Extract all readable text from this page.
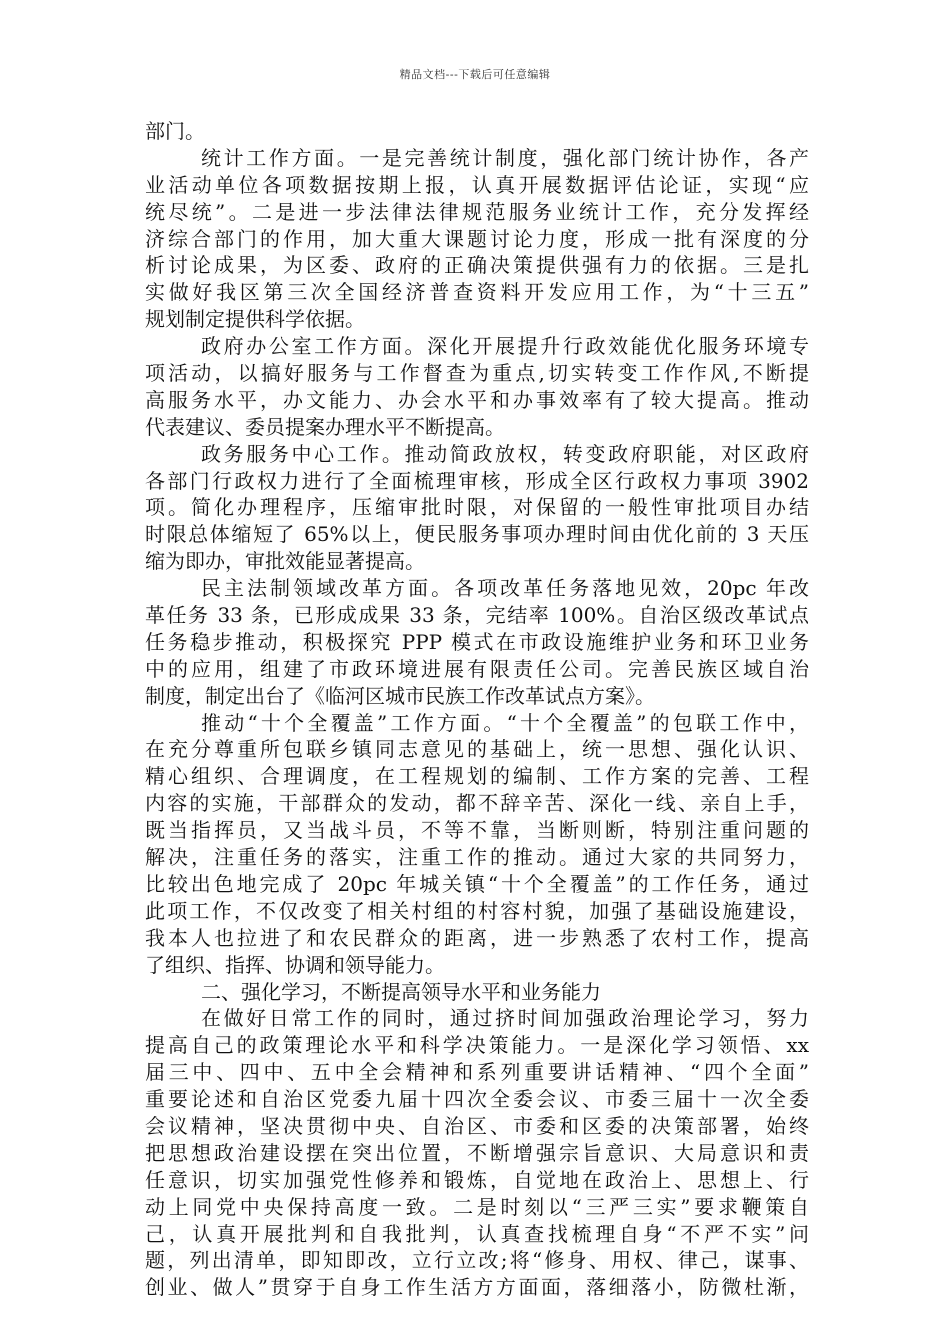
精品文档---下载后可任意编辑
部门。
统计工作方面。一是完善统计制度，强化部门统计协作，各产
业活动单位各项数据按期上报，认真开展数据评估论证，实现“应
统尽统”。二是进一步法律法律规范服务业统计工作，充分发挥经
济综合部门的作用，加大重大课题讨论力度，形成一批有深度的分
析讨论成果，为区委、政府的正确决策提供强有力的依据。三是扎
实做好我区第三次全国经济普查资料开发应用工作，为“十三五”
规划制定提供科学依据。
政府办公室工作方面。深化开展提升行政效能优化服务环境专
项活动，以搞好服务与工作督查为重点,切实转变工作作风,不断提
高服务水平，办文能力、办会水平和办事效率有了较大提高。推动
代表建议、委员提案办理水平不断提高。
政务服务中心工作。推动简政放权，转变政府职能，对区政府
各部门行政权力进行了全面梳理审核，形成全区行政权力事项 3902
项。简化办理程序，压缩审批时限，对保留的一般性审批项目办结
时限总体缩短了 65%以上，便民服务事项办理时间由优化前的 3 天压
缩为即办，审批效能显著提高。
民主法制领域改革方面。各项改革任务落地见效，20pc 年改
革任务 33 条，已形成成果 33 条，完结率 100%。自治区级改革试点
任务稳步推动，积极探究 PPP 模式在市政设施维护业务和环卫业务
中的应用，组建了市政环境进展有限责任公司。完善民族区域自治
制度，制定出台了《临河区城市民族工作改革试点方案》。
推动“十个全覆盖”工作方面。“十个全覆盖”的包联工作中，
在充分尊重所包联乡镇同志意见的基础上，统一思想、强化认识、
精心组织、合理调度，在工程规划的编制、工作方案的完善、工程
内容的实施，干部群众的发动，都不辞辛苦、深化一线、亲自上手，
既当指挥员，又当战斗员，不等不靠，当断则断，特别注重问题的
解决，注重任务的落实，注重工作的推动。通过大家的共同努力，
比较出色地完成了 20pc 年城关镇“十个全覆盖”的工作任务，通过
此项工作，不仅改变了相关村组的村容村貌，加强了基础设施建设，
我本人也拉进了和农民群众的距离，进一步熟悉了农村工作，提高
了组织、指挥、协调和领导能力。
二、强化学习，不断提高领导水平和业务能力
在做好日常工作的同时，通过挤时间加强政治理论学习，努力
提高自己的政策理论水平和科学决策能力。一是深化学习领悟、xx
届三中、四中、五中全会精神和系列重要讲话精神、“四个全面”
重要论述和自治区党委九届十四次全委会议、市委三届十一次全委
会议精神，坚决贯彻中央、自治区、市委和区委的决策部署，始终
把思想政治建设摆在突出位置，不断增强宗旨意识、大局意识和责
任意识，切实加强党性修养和锻炼，自觉地在政治上、思想上、行
动上同党中央保持高度一致。二是时刻以“三严三实”要求鞭策自
己，认真开展批判和自我批判，认真查找梳理自身“不严不实”问
题，列出清单，即知即改，立行立改;将“修身、用权、律己，谋事、
创业、做人”贯穿于自身工作生活方方面面，落细落小，防微杜渐，
